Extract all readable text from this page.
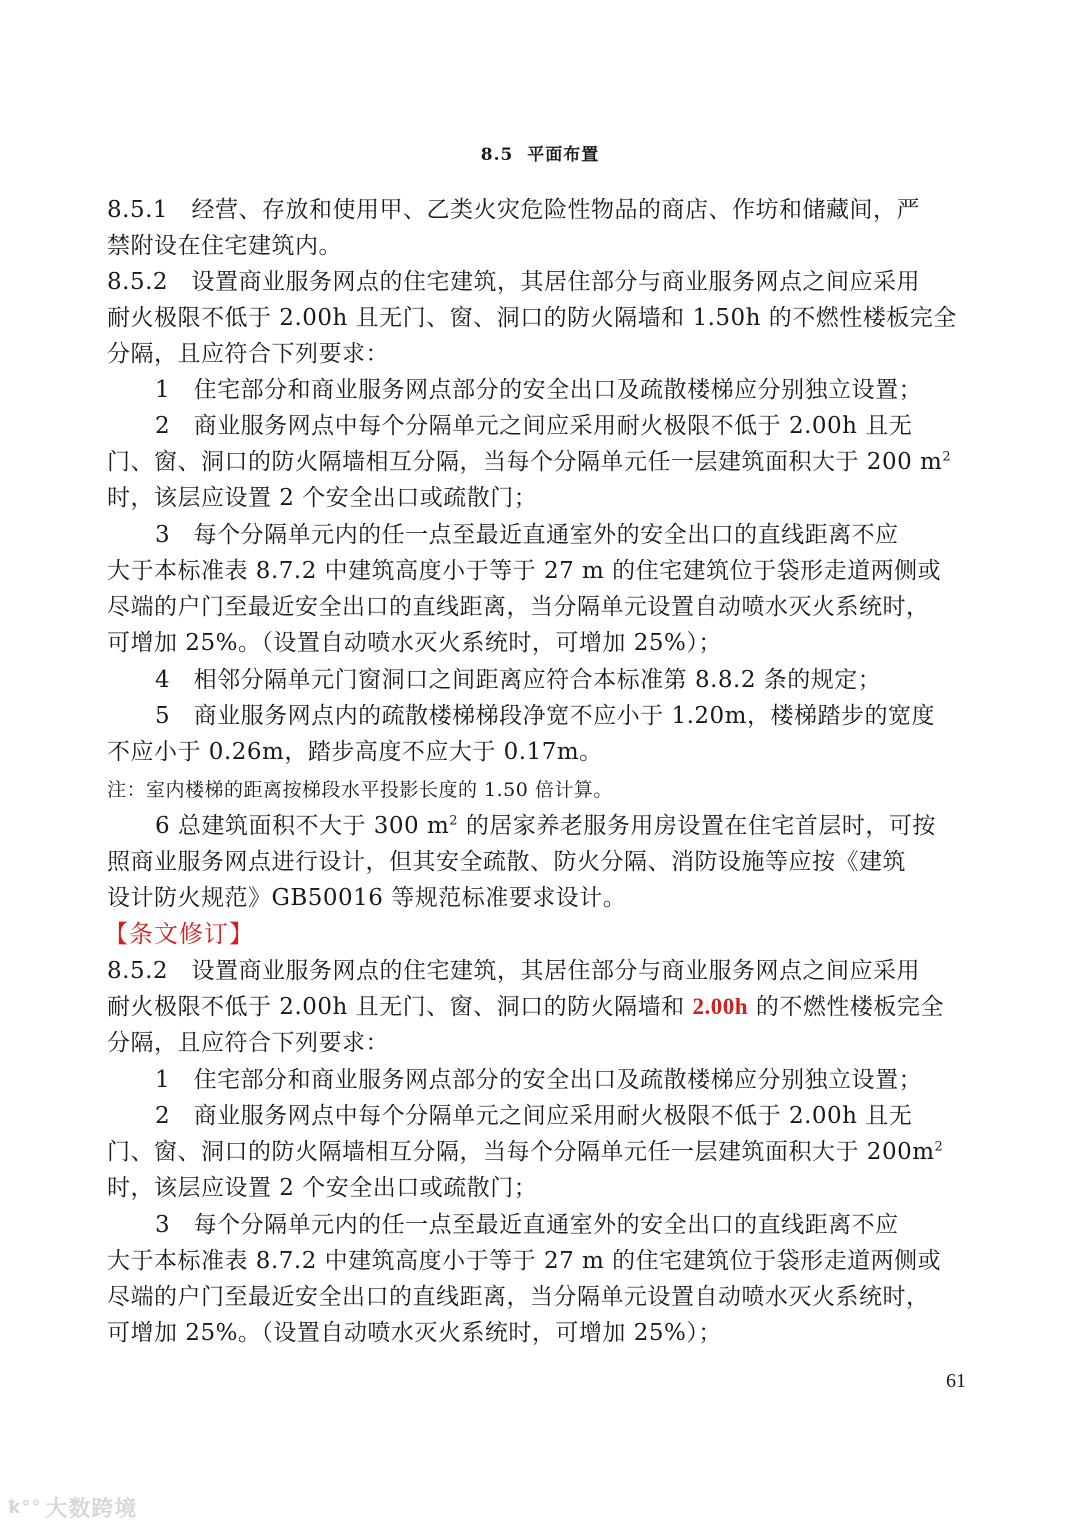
8.5 平面布置
8.5.1　经营、存放和使用甲、乙类火灾危险性物品的商店、作坊和储藏间，严
禁附设在住宅建筑内。
8.5.2　设置商业服务网点的住宅建筑，其居住部分与商业服务网点之间应采用
耐火极限不低于 2.00h 且无门、窗、洞口的防火隔墙和 1.50h 的不燃性楼板完全
分隔，且应符合下列要求：
1　住宅部分和商业服务网点部分的安全出口及疏散楼梯应分别独立设置；
2　商业服务网点中每个分隔单元之间应采用耐火极限不低于 2.00h 且无
门、窗、洞口的防火隔墙相互分隔，当每个分隔单元任一层建筑面积大于 200 $m^2$
时，该层应设置 2 个安全出口或疏散门；
3　每个分隔单元内的任一点至最近直通室外的安全出口的直线距离不应
大于本标准表 8.7.2 中建筑高度小于等于 27 m 的住宅建筑位于袋形走道两侧或
尽端的户门至最近安全出口的直线距离，当分隔单元设置自动喷水灭火系统时，
可增加 25%。（设置自动喷水灭火系统时，可增加 25%）；
4　相邻分隔单元门窗洞口之间距离应符合本标准第 8.8.2 条的规定；
5　商业服务网点内的疏散楼梯梯段净宽不应小于 1.20m，楼梯踏步的宽度
不应小于 0.26m，踏步高度不应大于 0.17m。
注：室内楼梯的距离按梯段水平投影长度的 1.50 倍计算。
6 总建筑面积不大于 300 $m^2$ 的居家养老服务用房设置在住宅首层时，可按
照商业服务网点进行设计，但其安全疏散、防火分隔、消防设施等应按《建筑
设计防火规范》GB50016 等规范标准要求设计。
【条文修订】
8.5.2　设置商业服务网点的住宅建筑，其居住部分与商业服务网点之间应采用
耐火极限不低于 2.00h 且无门、窗、洞口的防火隔墙和 2.00h 的不燃性楼板完全
分隔，且应符合下列要求：
1　住宅部分和商业服务网点部分的安全出口及疏散楼梯应分别独立设置；
2　商业服务网点中每个分隔单元之间应采用耐火极限不低于 2.00h 且无
门、窗、洞口的防火隔墙相互分隔，当每个分隔单元任一层建筑面积大于 $200m^2$
时，该层应设置 2 个安全出口或疏散门；
3　每个分隔单元内的任一点至最近直通室外的安全出口的直线距离不应
大于本标准表 8.7.2 中建筑高度小于等于 27 m 的住宅建筑位于袋形走道两侧或
尽端的户门至最近安全出口的直线距离，当分隔单元设置自动喷水灭火系统时，
可增加 25%。（设置自动喷水灭火系统时，可增加 25%）；
61
ꝁ°° 大数跨境
